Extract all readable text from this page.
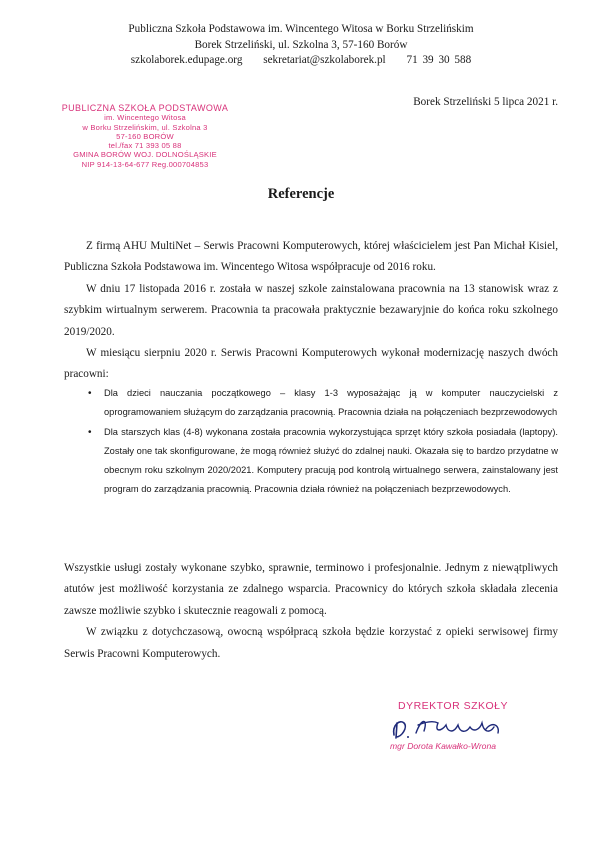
Publiczna Szkoła Podstawowa im. Wincentego Witosa w Borku Strzelińskim
Borek Strzeliński, ul. Szkolna 3, 57-160 Borów
szkolaborek.edupage.org sekretariat@szkolaborek.pl 71 39 30 588
PUBLICZNA SZKOŁA PODSTAWOWA
im. Wincentego Witosa
w Borku Strzelińskim, ul. Szkolna 3
57-160 BORÓW
tel./fax 71 393 05 88
GMINA BORÓW WOJ. DOLNOŚLĄSKIE
NIP 914-13-64-677 Reg.000704853
Borek Strzeliński 5 lipca 2021 r.
Referencje

Z firmą AHU MultiNet – Serwis Pracowni Komputerowych, której właścicielem jest Pan Michał Kisiel, Publiczna Szkoła Podstawowa im. Wincentego Witosa współpracuje od 2016 roku.

W dniu 17 listopada 2016 r. została w naszej szkole zainstalowana pracownia na 13 stanowisk wraz z szybkim wirtualnym serwerem. Pracownia ta pracowała praktycznie bezawaryjnie do końca roku szkolnego 2019/2020.

W miesiącu sierpniu 2020 r. Serwis Pracowni Komputerowych wykonał modernizację naszych dwóch pracowni:

• Dla dzieci nauczania początkowego – klasy 1-3 wyposażając ją w komputer nauczycielski z oprogramowaniem służącym do zarządzania pracownią. Pracownia działa na połączeniach bezprzewodowych
• Dla starszych klas (4-8) wykonana została pracownia wykorzystująca sprzęt który szkoła posiadała (laptopy). Zostały one tak skonfigurowane, że mogą również służyć do zdalnej nauki. Okazała się to bardzo przydatne w obecnym roku szkolnym 2020/2021. Komputery pracują pod kontrolą wirtualnego serwera, zainstalowany jest program do zarządzania pracownią. Pracownia działa również na połączeniach bezprzewodowych.

Wszystkie usługi zostały wykonane szybko, sprawnie, terminowo i profesjonalnie. Jednym z niewątpliwych atutów jest możliwość korzystania ze zdalnego wsparcia. Pracownicy do których szkoła składała zlecenia zawsze możliwie szybko i skutecznie reagowali z pomocą.

W związku z dotychczasową, owocną współpracą szkoła będzie korzystać z opieki serwisowej firmy Serwis Pracowni Komputerowych.

DYREKTOR SZKOŁY
mgr Dorota Kawałko-Wrona
